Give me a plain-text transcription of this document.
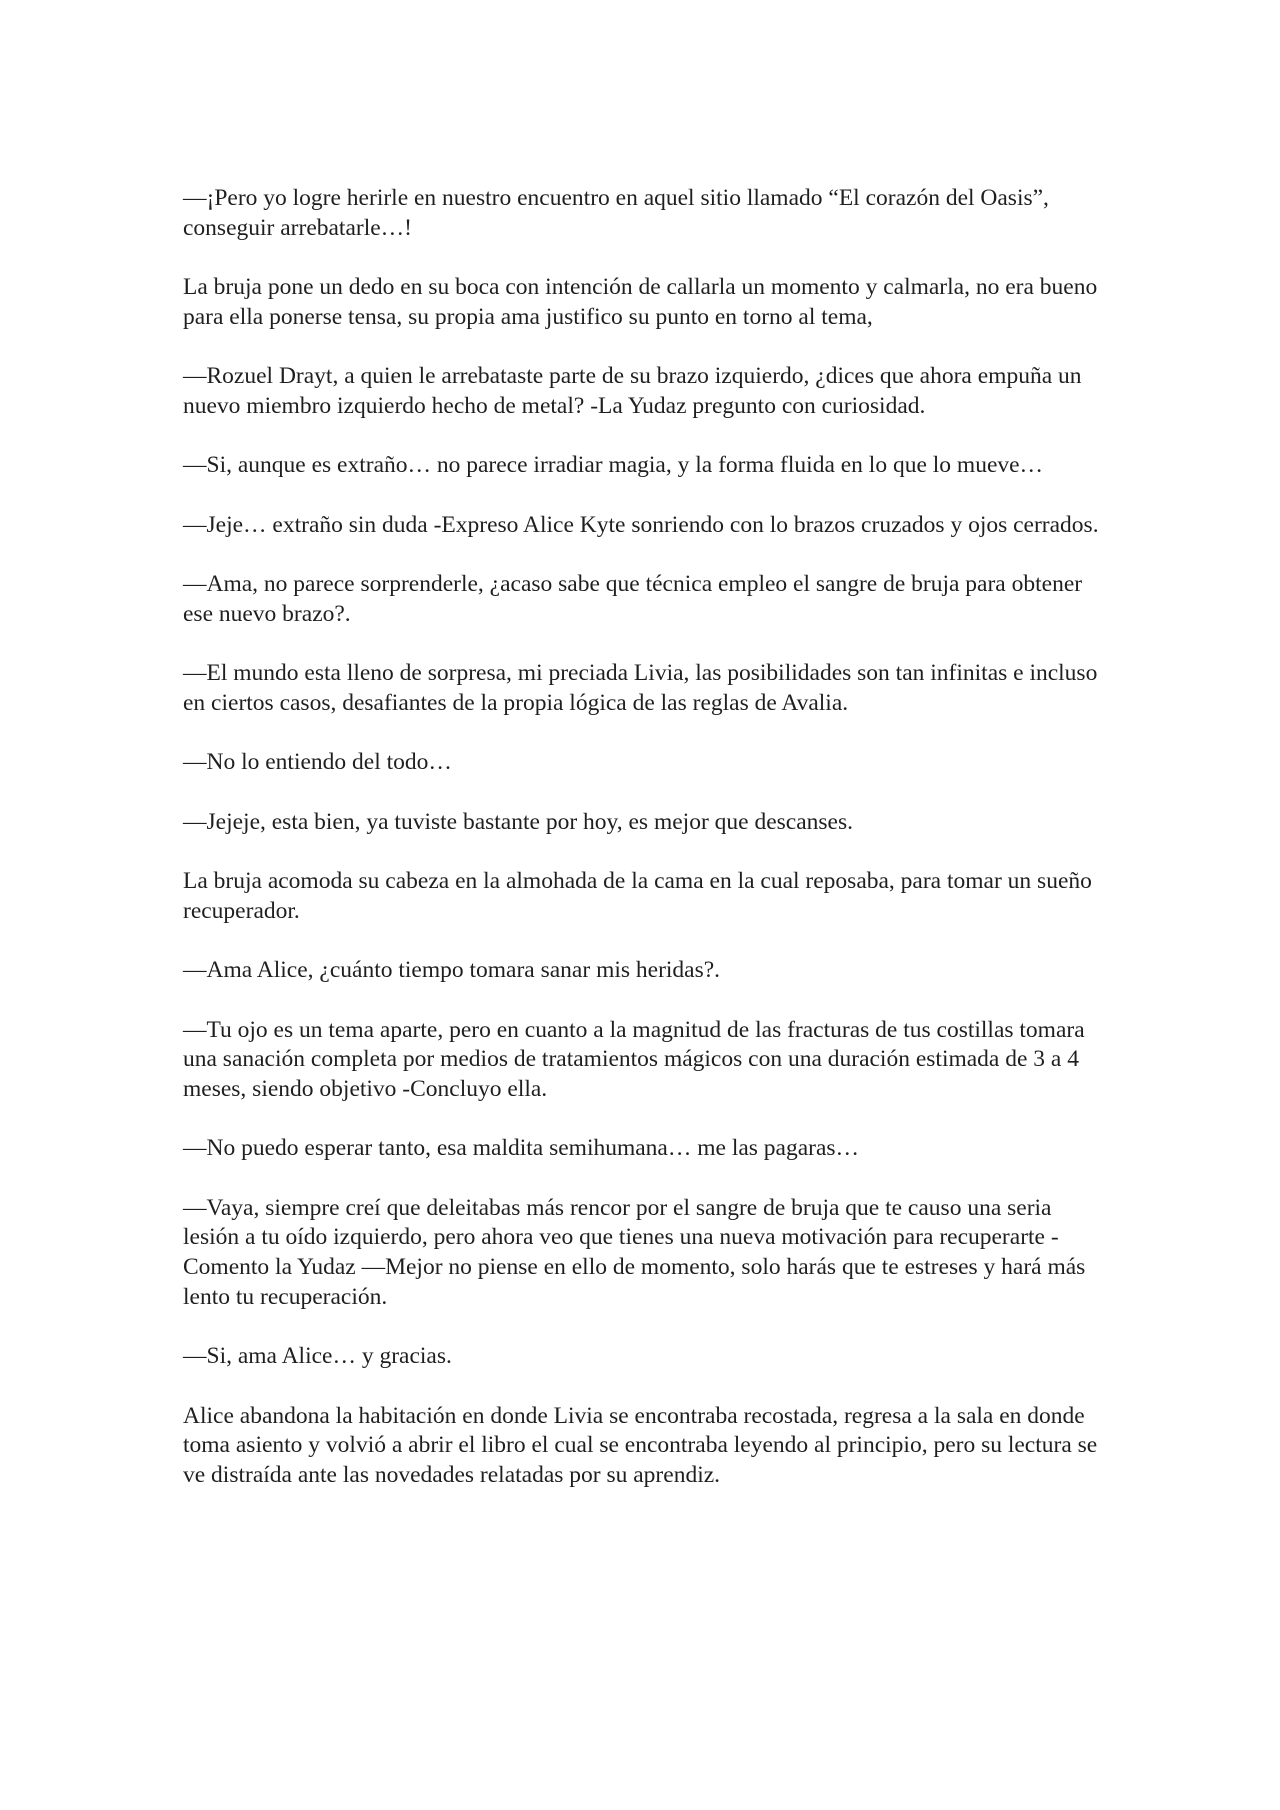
—¡Pero yo logre herirle en nuestro encuentro en aquel sitio llamado “El corazón del Oasis”, conseguir arrebatarle…!

La bruja pone un dedo en su boca con intención de callarla un momento y calmarla, no era bueno para ella ponerse tensa, su propia ama justifico su punto en torno al tema,

—Rozuel Drayt, a quien le arrebataste parte de su brazo izquierdo, ¿dices que ahora empuña un nuevo miembro izquierdo hecho de metal? -La Yudaz pregunto con curiosidad.

—Si, aunque es extraño… no parece irradiar magia, y la forma fluida en lo que lo mueve…

—Jeje… extraño sin duda -Expreso Alice Kyte sonriendo con lo brazos cruzados y ojos cerrados.

—Ama, no parece sorprenderle, ¿acaso sabe que técnica empleo el sangre de bruja para obtener ese nuevo brazo?.

—El mundo esta lleno de sorpresa, mi preciada Livia, las posibilidades son tan infinitas e incluso en ciertos casos, desafiantes de la propia lógica de las reglas de Avalia.

—No lo entiendo del todo…

—Jejeje, esta bien, ya tuviste bastante por hoy, es mejor que descanses.

La bruja acomoda su cabeza en la almohada de la cama en la cual reposaba, para tomar un sueño recuperador.

—Ama Alice, ¿cuánto tiempo tomara sanar mis heridas?.

—Tu ojo es un tema aparte, pero en cuanto a la magnitud de las fracturas de tus costillas tomara una sanación completa por medios de tratamientos mágicos con una duración estimada de 3 a 4 meses, siendo objetivo -Concluyo ella.

—No puedo esperar tanto, esa maldita semihumana… me las pagaras…

—Vaya, siempre creí que deleitabas más rencor por el sangre de bruja que te causo una seria lesión a tu oído izquierdo, pero ahora veo que tienes una nueva motivación para recuperarte -Comento la Yudaz —Mejor no piense en ello de momento, solo harás que te estreses y hará más lento tu recuperación.

—Si, ama Alice… y gracias.

Alice abandona la habitación en donde Livia se encontraba recostada, regresa a la sala en donde toma asiento y volvió a abrir el libro el cual se encontraba leyendo al principio, pero su lectura se ve distraída ante las novedades relatadas por su aprendiz.
